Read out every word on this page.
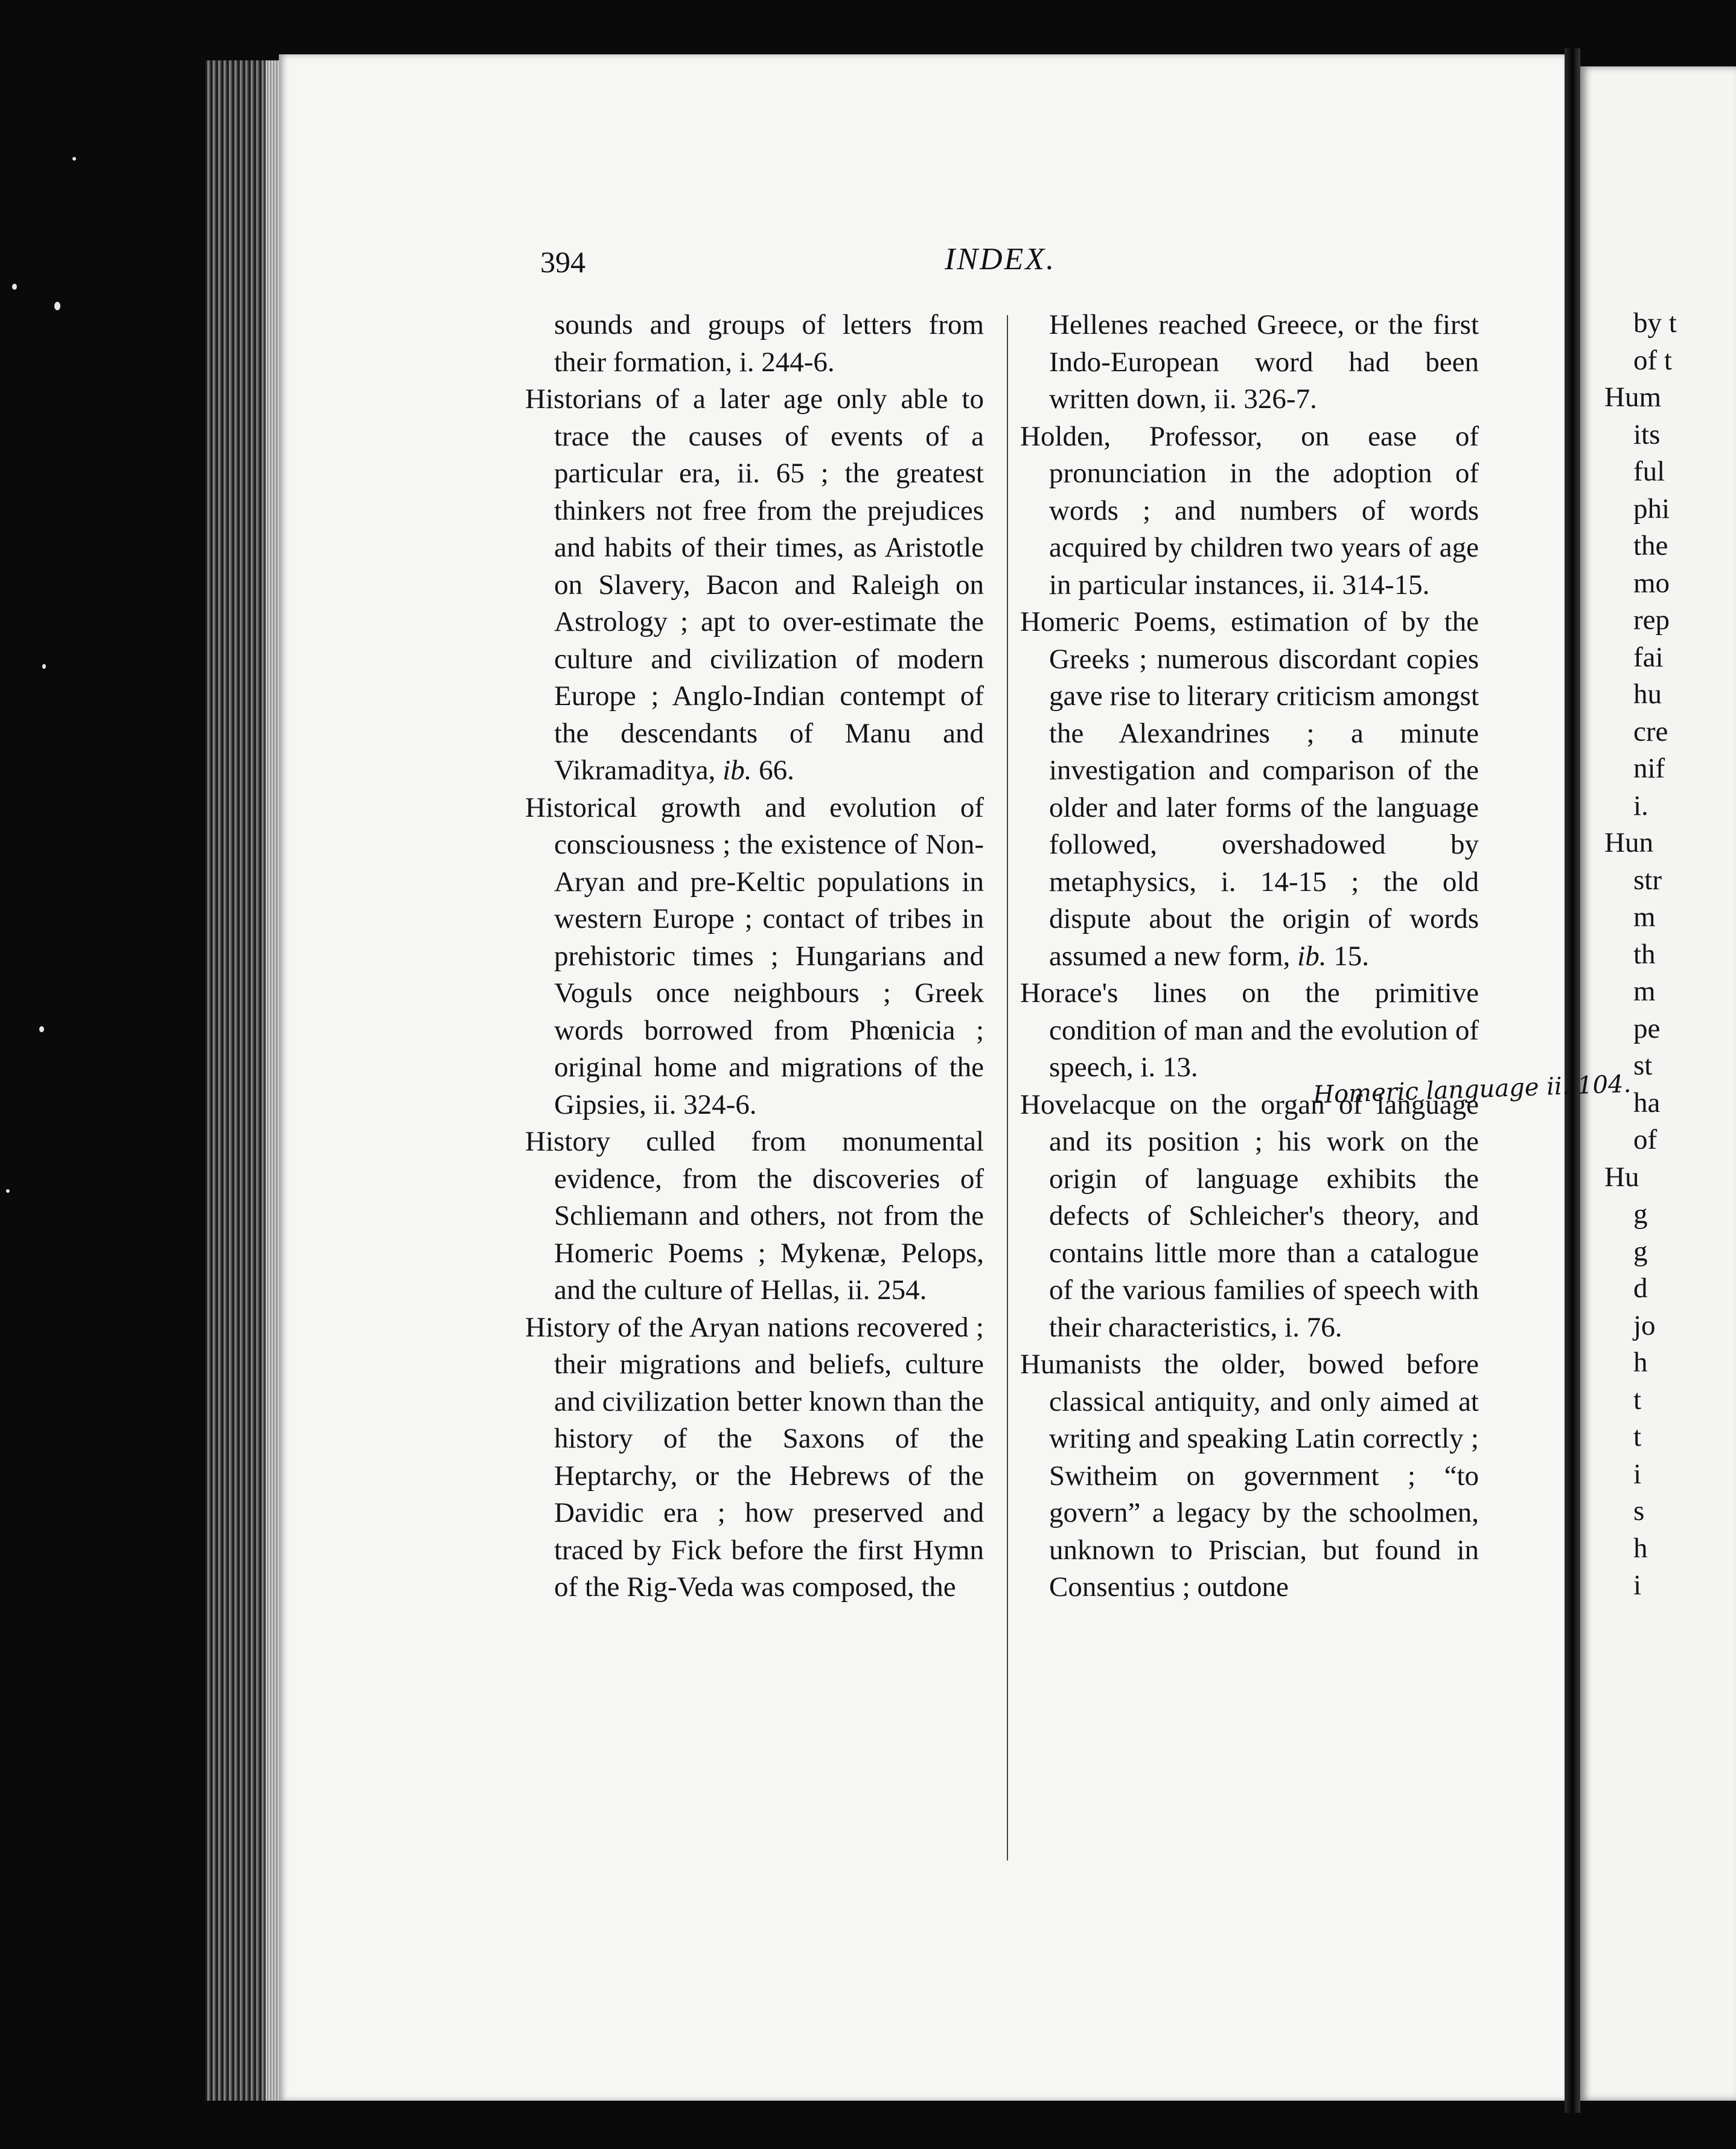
by t
of t
Hum
its
ful
phi
the
mo
rep
fai
hu
cre
nif
i.
Hun
str
m
th
m
pe
st
ha
of
Hu
g
g
d
jo
h
t
t
i
s
h
i
394	INDEX.

sounds and groups of letters from their formation, i. 244-6.

Historians of a later age only able to trace the causes of events of a particular era, ii. 65 ; the greatest thinkers not free from the prejudices and habits of their times, as Aristotle on Slavery, Bacon and Raleigh on Astrology ; apt to over-estimate the culture and civilization of modern Europe ; Anglo-Indian contempt of the descendants of Manu and Vikramaditya, ib. 66.

Historical growth and evolution of consciousness ; the existence of Non-Aryan and pre-Keltic populations in western Europe ; contact of tribes in prehistoric times ; Hungarians and Voguls once neighbours ; Greek words borrowed from Phœnicia ; original home and migrations of the Gipsies, ii. 324-6.

History culled from monumental evidence, from the discoveries of Schliemann and others, not from the Homeric Poems ; Mykenæ, Pelops, and the culture of Hellas, ii. 254.

History of the Aryan nations recovered ; their migrations and beliefs, culture and civilization better known than the history of the Saxons of the Heptarchy, or the Hebrews of the Davidic era ; how preserved and traced by Fick before the first Hymn of the Rig-Veda was composed, the

Hellenes reached Greece, or the first Indo-European word had been written down, ii. 326-7.

Holden, Professor, on ease of pronunciation in the adoption of words ; and numbers of words acquired by children two years of age in particular instances, ii. 314-15.

Homeric Poems, estimation of by the Greeks ; numerous discordant copies gave rise to literary criticism amongst the Alexandrines ; a minute investigation and comparison of the older and later forms of the language followed, overshadowed by metaphysics, i. 14-15 ; the old dispute about the origin of words assumed a new form, ib. 15.

Horace's lines on the primitive condition of man and the evolution of speech, i. 13.

Hovelacque on the organ of language and its position ; his work on the origin of language exhibits the defects of Schleicher's theory, and contains little more than a catalogue of the various families of speech with their characteristics, i. 76.

Humanists the older, bowed before classical antiquity, and only aimed at writing and speaking Latin correctly ; Switheim on government ; “to govern” a legacy by the schoolmen, unknown to Priscian, but found in Consentius ; outdone

Homeric language ii. 104.
